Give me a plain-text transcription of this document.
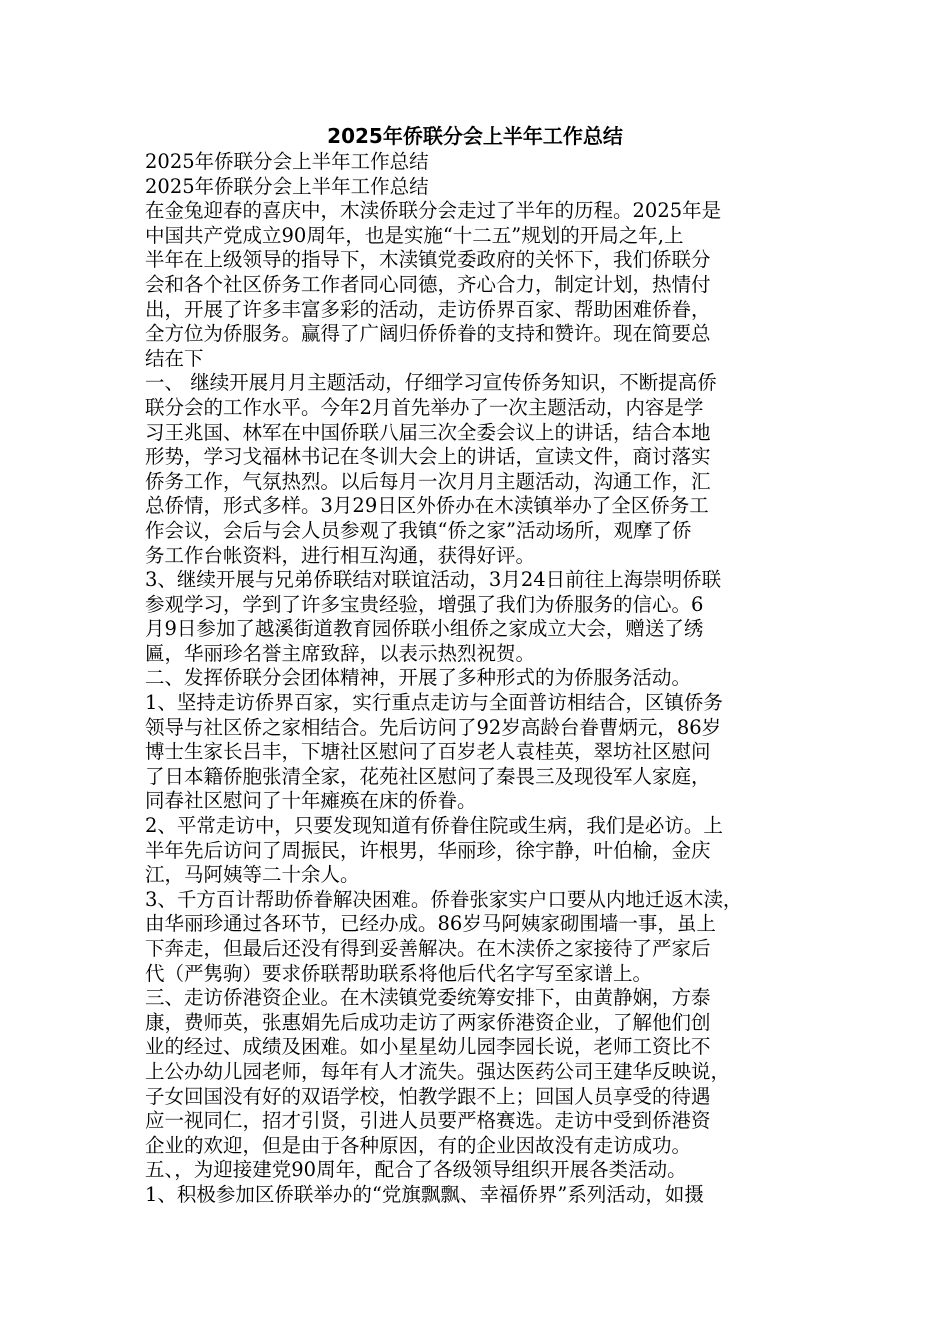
2025年侨联分会上半年工作总结
2025年侨联分会上半年工作总结
2025年侨联分会上半年工作总结
在金兔迎春的喜庆中，木渎侨联分会走过了半年的历程。2025年是
中国共产党成立90周年，也是实施“十二五”规划的开局之年,上
半年在上级领导的指导下，木渎镇党委政府的关怀下，我们侨联分
会和各个社区侨务工作者同心同德，齐心合力，制定计划，热情付
出，开展了许多丰富多彩的活动，走访侨界百家、帮助困难侨眷，
全方位为侨服务。赢得了广阔归侨侨眷的支持和赞许。现在简要总
结在下
一、 继续开展月月主题活动，仔细学习宣传侨务知识，不断提高侨
联分会的工作水平。今年2月首先举办了一次主题活动，内容是学
习王兆国、林军在中国侨联八届三次全委会议上的讲话，结合本地
形势，学习戈福林书记在冬训大会上的讲话，宣读文件，商讨落实
侨务工作，气氛热烈。以后每月一次月月主题活动，沟通工作，汇
总侨情，形式多样。3月29日区外侨办在木渎镇举办了全区侨务工
作会议，会后与会人员参观了我镇“侨之家”活动场所，观摩了侨
务工作台帐资料，进行相互沟通，获得好评。
3、继续开展与兄弟侨联结对联谊活动，3月24日前往上海崇明侨联
参观学习，学到了许多宝贵经验，增强了我们为侨服务的信心。6
月9日参加了越溪街道教育园侨联小组侨之家成立大会，赠送了绣
匾，华丽珍名誉主席致辞，以表示热烈祝贺。
二、发挥侨联分会团体精神，开展了多种形式的为侨服务活动。
1、坚持走访侨界百家，实行重点走访与全面普访相结合，区镇侨务
领导与社区侨之家相结合。先后访问了92岁高龄台眷曹炳元，86岁
博士生家长吕丰，下塘社区慰问了百岁老人袁桂英，翠坊社区慰问
了日本籍侨胞张清全家，花苑社区慰问了秦畏三及现役军人家庭，
同春社区慰问了十年瘫痪在床的侨眷。
2、平常走访中，只要发现知道有侨眷住院或生病，我们是必访。上
半年先后访问了周振民，许根男，华丽珍，徐宇静，叶伯榆，金庆
江，马阿姨等二十余人。
3、千方百计帮助侨眷解决困难。侨眷张家实户口要从内地迁返木渎，
由华丽珍通过各环节，已经办成。86岁马阿姨家砌围墙一事，虽上
下奔走，但最后还没有得到妥善解决。在木渎侨之家接待了严家后
代（严隽驹）要求侨联帮助联系将他后代名字写至家谱上。
三、走访侨港资企业。在木渎镇党委统筹安排下，由黄静娴，方泰
康，费师英，张惠娟先后成功走访了两家侨港资企业，了解他们创
业的经过、成绩及困难。如小星星幼儿园李园长说，老师工资比不
上公办幼儿园老师，每年有人才流失。强达医药公司王建华反映说，
子女回国没有好的双语学校，怕教学跟不上；回国人员享受的待遇
应一视同仁，招才引贤，引进人员要严格赛选。走访中受到侨港资
企业的欢迎，但是由于各种原因，有的企业因故没有走访成功。
五、，为迎接建党90周年，配合了各级领导组织开展各类活动。
1、积极参加区侨联举办的“党旗飘飘、幸福侨界”系列活动，如摄
